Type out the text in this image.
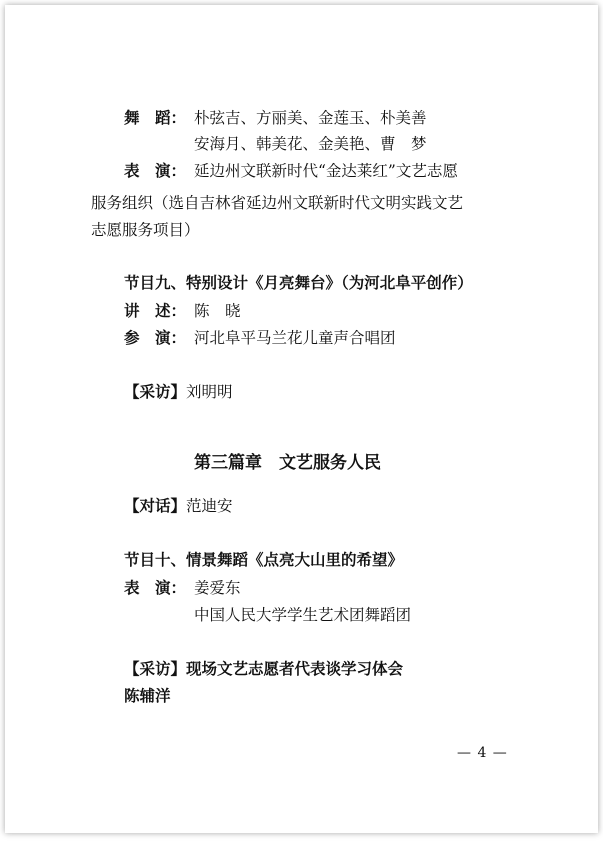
舞　蹈： 朴弦吉、方丽美、金莲玉、朴美善
安海月、韩美花、金美艳、曹　梦
表　演： 延边州文联新时代“金达莱红”文艺志愿
服务组织（选自吉林省延边州文联新时代文明实践文艺
志愿服务项目）
节目九、特别设计《月亮舞台》（为河北阜平创作）
讲　述： 陈　晓
参　演： 河北阜平马兰花儿童声合唱团
【采访】刘明明
第三篇章　文艺服务人民
【对话】范迪安
节目十、情景舞蹈《点亮大山里的希望》
表　演： 姜爱东
中国人民大学学生艺术团舞蹈团
【采访】现场文艺志愿者代表谈学习体会
陈辅洋
— 4 —
